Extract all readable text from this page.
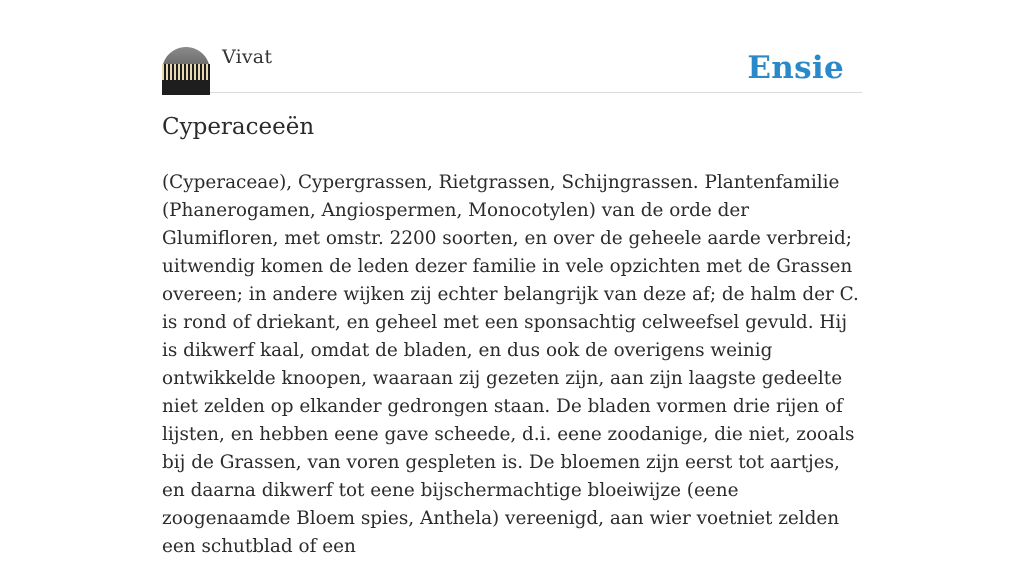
Vivat	Ensie
Cyperaceeën

(Cyperaceae), Cypergrassen, Rietgrassen, Schijngrassen. Plantenfamilie (Phanerogamen, Angiospermen, Monocotylen) van de orde der Glumifloren, met omstr. 2200 soorten, en over de geheele aarde verbreid; uitwendig komen de leden dezer familie in vele opzichten met de Grassen overeen; in andere wijken zij echter belangrijk van deze af; de halm der C. is rond of driekant, en geheel met een sponsachtig celweefsel gevuld. Hij is dikwerf kaal, omdat de bladen, en dus ook de overigens weinig ontwikkelde knoopen, waaraan zij gezeten zijn, aan zijn laagste gedeelte niet zelden op elkander gedrongen staan. De bladen vormen drie rijen of lijsten, en hebben eene gave scheede, d.i. eene zoodanige, die niet, zooals bij de Grassen, van voren gespleten is. De bloemen zijn eerst tot aartjes, en daarna dikwerf tot eene bijschermachtige bloeiwijze (eene zoogenaamde Bloem spies, Anthela) vereenigd, aan wier voetniet zelden een schutblad of een
